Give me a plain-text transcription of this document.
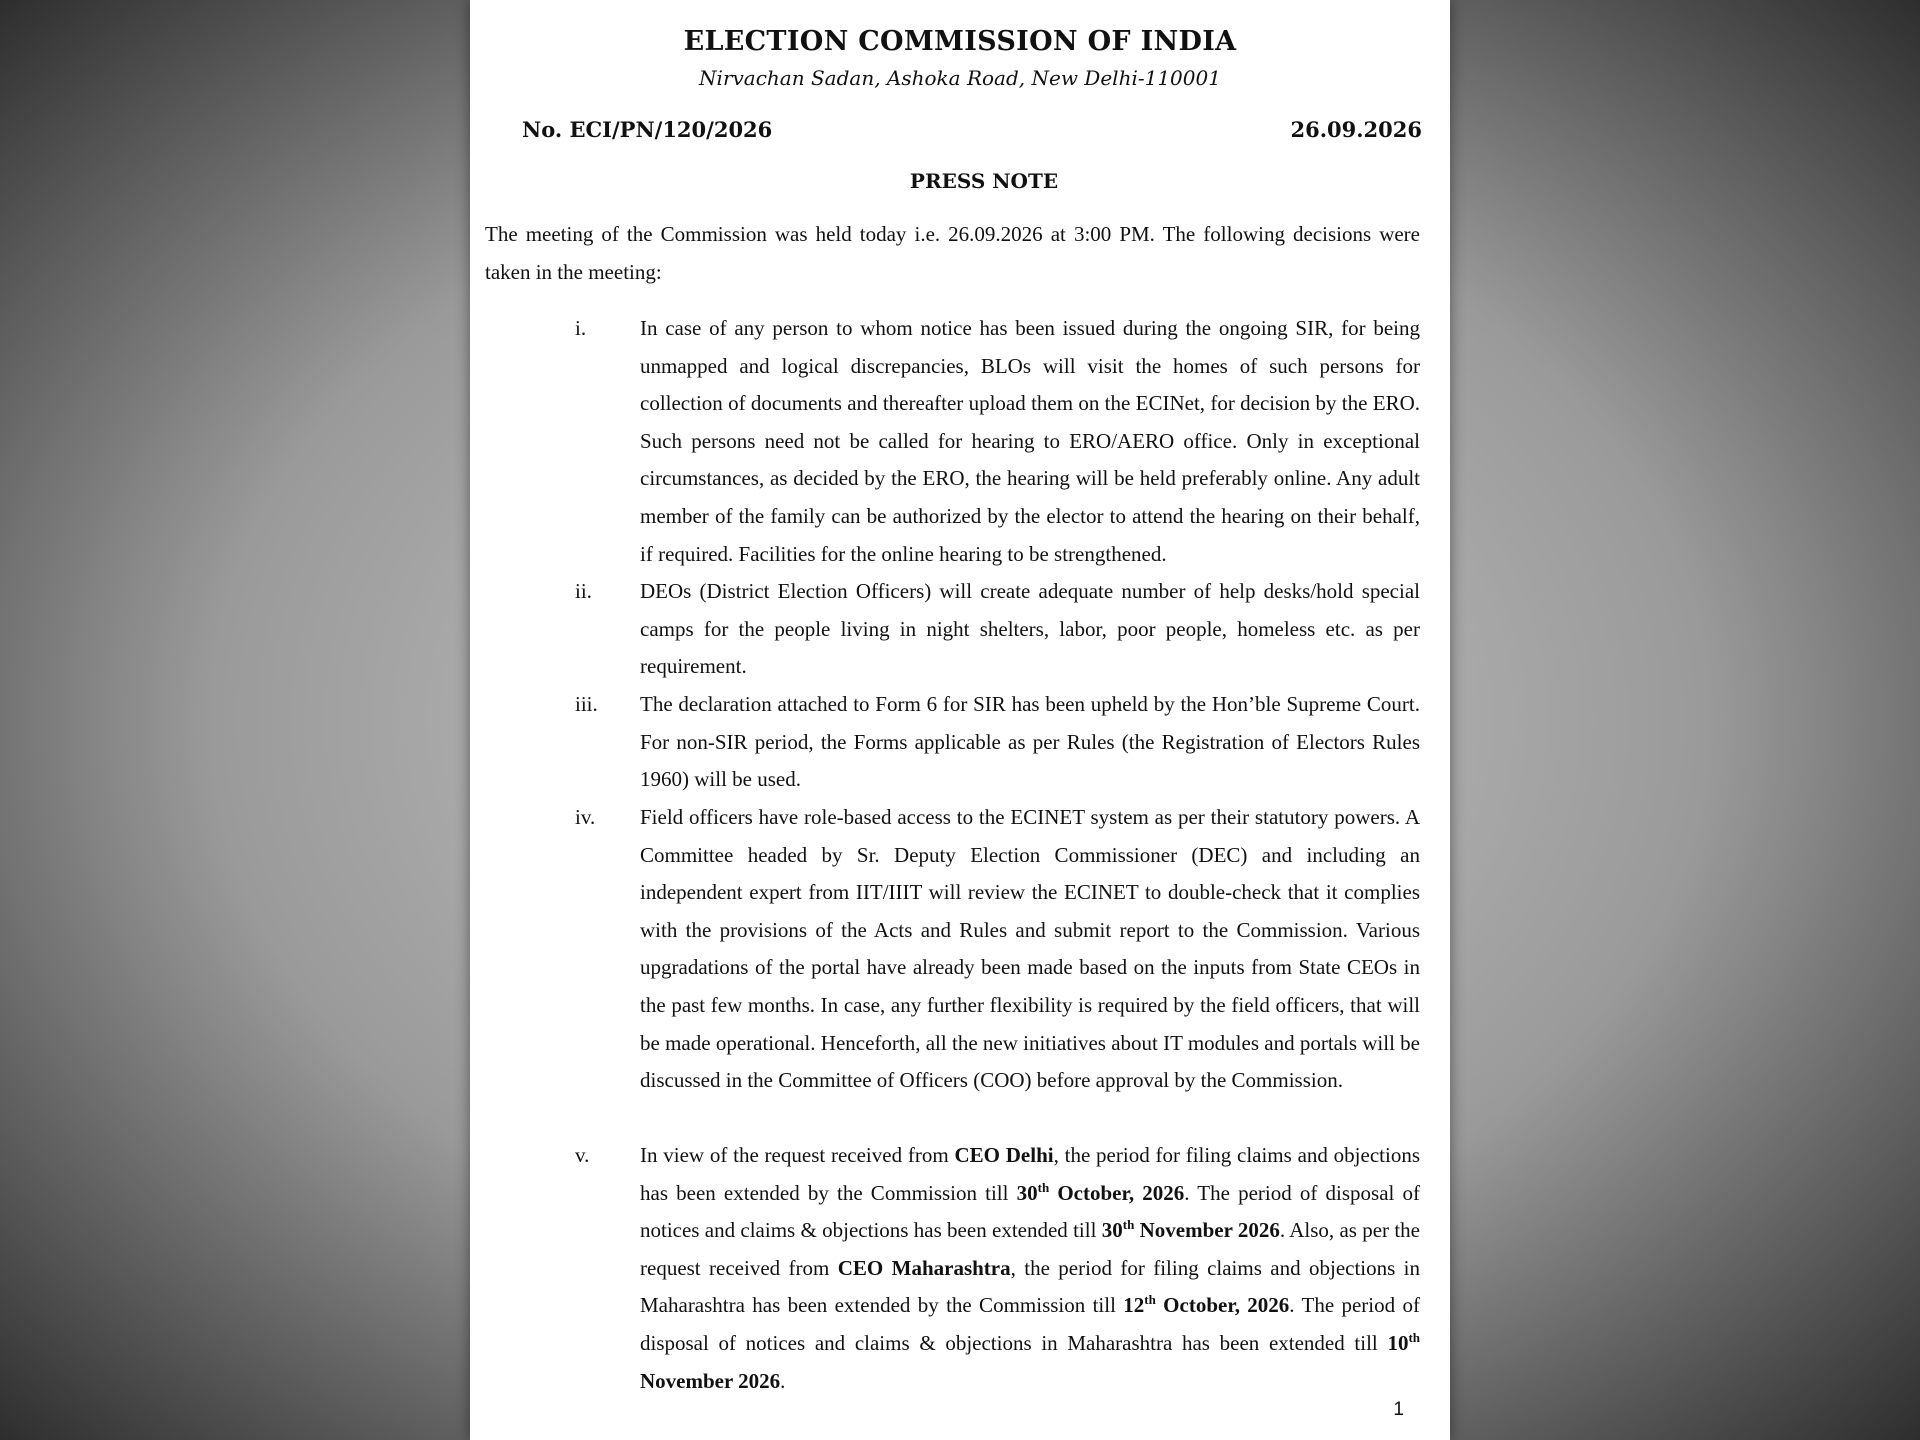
ELECTION COMMISSION OF INDIA
Nirvachan Sadan, Ashoka Road, New Delhi-110001
No. ECI/PN/120/2026	26.09.2026
PRESS NOTE
The meeting of the Commission was held today i.e. 26.09.2026 at 3:00 PM. The following decisions were taken in the meeting:
i.	In case of any person to whom notice has been issued during the ongoing SIR, for being unmapped and logical discrepancies, BLOs will visit the homes of such persons for collection of documents and thereafter upload them on the ECINet, for decision by the ERO. Such persons need not be called for hearing to ERO/AERO office. Only in exceptional circumstances, as decided by the ERO, the hearing will be held preferably online. Any adult member of the family can be authorized by the elector to attend the hearing on their behalf, if required. Facilities for the online hearing to be strengthened.
ii. DEOs (District Election Officers) will create adequate number of help desks/hold special camps for the people living in night shelters, labor, poor people, homeless etc. as per requirement.
iii. The declaration attached to Form 6 for SIR has been upheld by the Hon’ble Supreme Court. For non-SIR period, the Forms applicable as per Rules (the Registration of Electors Rules 1960) will be used.
iv. Field officers have role-based access to the ECINET system as per their statutory powers. A Committee headed by Sr. Deputy Election Commissioner (DEC) and including an independent expert from IIT/IIIT will review the ECINET to double-check that it complies with the provisions of the Acts and Rules and submit report to the Commission. Various upgradations of the portal have already been made based on the inputs from State CEOs in the past few months. In case, any further flexibility is required by the field officers, that will be made operational. Henceforth, all the new initiatives about IT modules and portals will be discussed in the Committee of Officers (COO) before approval by the Commission.
v. In view of the request received from CEO Delhi, the period for filing claims and objections has been extended by the Commission till 30th October, 2026. The period of disposal of notices and claims & objections has been extended till 30th November 2026. Also, as per the request received from CEO Maharashtra, the period for filing claims and objections in Maharashtra has been extended by the Commission till 12th October, 2026. The period of disposal of notices and claims & objections in Maharashtra has been extended till 10th November 2026.
1
